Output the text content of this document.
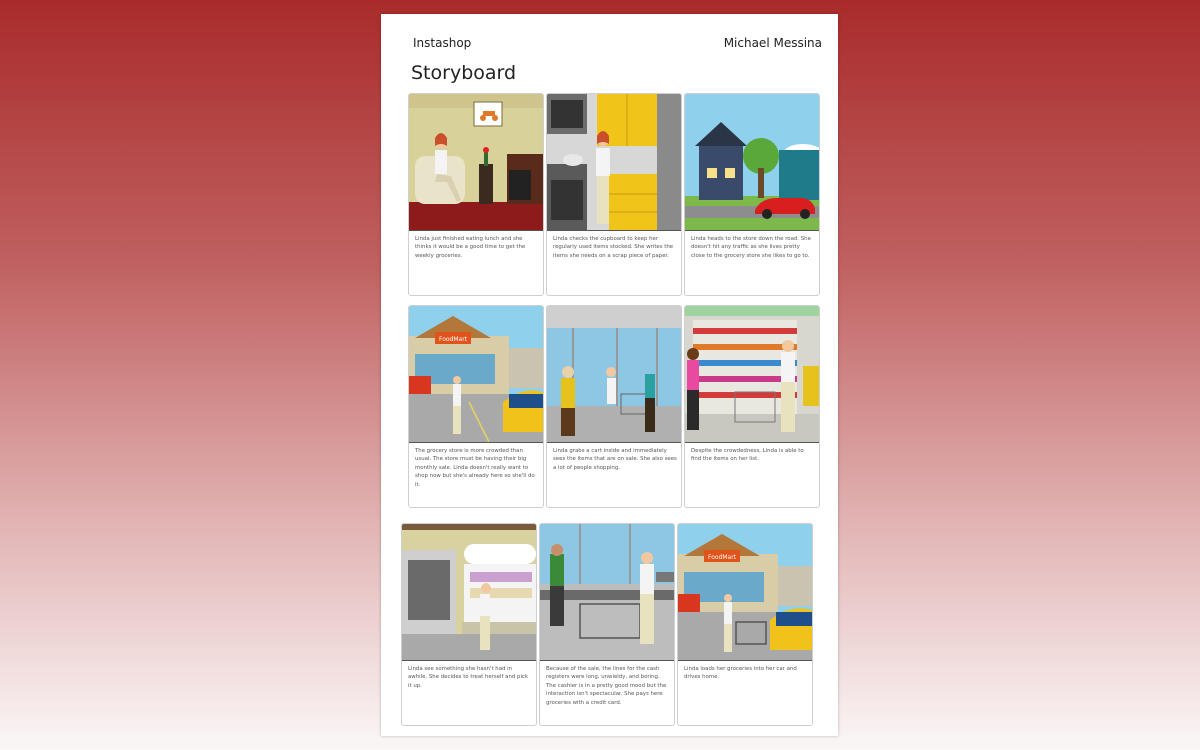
Instashop	Michael Messina
Storyboard
Linda just finished eating lunch and she thinks it would be a good time to get the weekly groceries.
Linda checks the cupboard to keep her regularly used items stocked. She writes the items she needs on a scrap piece of paper.
Linda heads to the store down the road. She doesn't hit any traffic as she lives pretty close to the grocery store she likes to go to.
FoodMart
The grocery store is more crowded than usual. The store must be having their big monthly sale. Linda doesn't really want to shop now but she's already here so she'll do it.
Linda grabs a cart inside and immediately sees the items that are on sale. She also sees a lot of people shopping.
Despite the crowdedness, Linda is able to find the items on her list.
Linda see something she hasn't had in awhile. She decides to treat herself and pick it up.
Because of the sale, the lines for the cash registers were long, unwieldy, and boring. The cashier is in a pretty good mood but the interaction isn't spectacular. She pays here groceries with a credit card.
FoodMart
Linda loads her groceries into her car and drives home.
